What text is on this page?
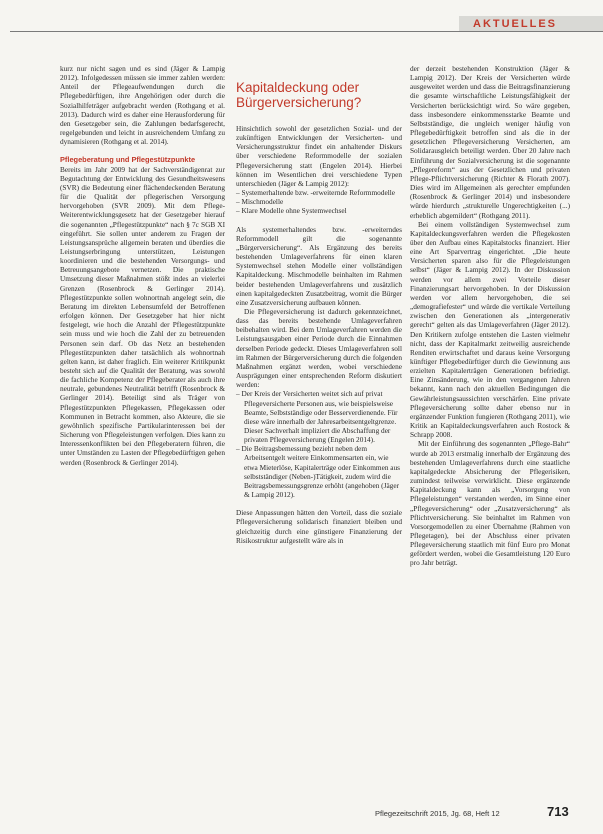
AKTUELLES

kurz nur nicht sagen und es sind (Jäger & Lampig 2012). Infolgedessen müssen sie immer zahlen werden: Anteil der Pflegeaufwendungen durch die Pflegebedürftigen, ihre Angehörigen oder durch die Sozialhilfeträger aufgebracht werden (Rothgang et al. 2013). Dadurch wird es daher eine Herausforderung für den Gesetzgeber sein, die Zahlungen bedarfsgerecht, regelgebunden und leicht in ausreichendem Umfang zu dynamisieren (Rothgang et al. 2014).

Pflegeberatung und Pflegestützpunkte

Bereits im Jahr 2009 hat der Sachverständigenrat zur Begutachtung der Entwicklung des Gesundheitswesens (SVR) die Bedeutung einer flächendeckenden Beratung für die Qualität der pflegerischen Versorgung hervorgehoben (SVR 2009). Mit dem Pflege-Weiterentwicklungsgesetz hat der Gesetzgeber hierauf die sogenannten „Pflegestützpunkte“ nach § 7c SGB XI eingeführt. Sie sollen unter anderem zu Fragen der Leistungsansprüche allgemein beraten und überdies die Leistungserbringung unterstützen, Leistungen koordinieren und die bestehenden Versorgungs- und Betreuungsangebote vernetzen. Die praktische Umsetzung dieser Maßnahmen stößt indes an vielerlei Grenzen (Rosenbrock & Gerlinger 2014). Pflegestützpunkte sollen wohnortnah angelegt sein, die Beratung im direkten Lebensumfeld der Betroffenen erfolgen können. Der Gesetzgeber hat hier nicht festgelegt, wie hoch die Anzahl der Pflegestützpunkte sein muss und wie hoch die Zahl der zu betreuenden Personen sein darf. Ob das Netz an bestehenden Pflegestützpunkten daher tatsächlich als wohnortnah gelten kann, ist daher fraglich. Ein weiterer Kritikpunkt besteht sich auf die Qualität der Beratung, was sowohl die fachliche Kompetenz der Pflegeberater als auch ihre neutrale, gebundenes Neutralität betrifft (Rosenbrock & Gerlinger 2014). Beteiligt sind als Träger von Pflegestützpunkten Pflegekassen, Pflegekassen oder Kommunen in Betracht kommen, also Akteure, die sie gewöhnlich spezifische Partikularinteressen bei der Sicherung von Pflegeleistungen verfolgen. Dies kann zu Interessenkonflikten bei den Pflegeberatern führen, die unter Umständen zu Lasten der Pflegebedürftigen gehen werden (Rosenbrock & Gerlinger 2014).

Kapitaldeckung oder Bürgerversicherung?

Hinsichtlich sowohl der gesetzlichen Sozial- und der zukünftigen Entwicklungen der Versicherten- und Versicherungsstruktur findet ein anhaltender Diskurs über verschiedene Reformmodelle der sozialen Pflegeversicherung statt (Engelen 2014). Hierbei können im Wesentlichen drei verschiedene Typen unterschieden (Jäger & Lampig 2012):

– Systemerhaltende bzw. -erweiternde Reformmodelle

– Mischmodelle

– Klare Modelle ohne Systemwechsel

Als systemerhaltendes bzw. -erweiterndes Reformmodell gilt die sogenannte „Bürgerversicherung“. Als Ergänzung des bereits bestehenden Umlageverfahrens für einen klaren Systemwechsel stehen Modelle einer vollständigen Kapitaldeckung. Mischmodelle beinhalten im Rahmen beider bestehenden Umlageverfahrens und zusätzlich einen kapitalgedeckten Zusatzbeitrag, womit die Bürger eine Zusatzversicherung aufbauen können.

Die Pflegeversicherung ist dadurch gekennzeichnet, dass das bereits bestehende Umlageverfahren beibehalten wird. Bei dem Umlageverfahren werden die Leistungsausgaben einer Periode durch die Einnahmen derselben Periode gedeckt. Dieses Umlageverfahren soll im Rahmen der Bürgerversicherung durch die folgenden Maßnahmen ergänzt werden, wobei verschiedene Ausprägungen einer entsprechenden Reform diskutiert werden:

– Der Kreis der Versicherten weitet sich auf privat Pflegeversicherte Personen aus, wie beispielsweise Beamte, Selbstständige oder Besserverdienende. Für diese wäre innerhalb der Jahresarbeitsentgeltgrenze. Dieser Sachverhalt impliziert die Abschaffung der privaten Pflegeversicherung (Engelen 2014).

– Die Beitragsbemessung bezieht neben dem Arbeitsentgelt weitere Einkommensarten ein, wie etwa Mieterlöse, Kapitalerträge oder Einkommen aus selbstständiger (Neben-)Tätigkeit, zudem wird die Beitragsbemessungsgrenze erhöht (angehoben (Jäger & Lampig 2012).

Diese Anpassungen hätten den Vorteil, dass die soziale Pflegeversicherung solidarisch finanziert bleiben und gleichzeitig durch eine günstigere Finanzierung der Risikostruktur aufgestellt wäre als in

der derzeit bestehenden Konstruktion (Jäger & Lampig 2012). Der Kreis der Versicherten würde ausgeweitet werden und dass die Beitragsfinanzierung die gesamte wirtschaftliche Leistungsfähigkeit der Versicherten berücksichtigt wird. So wäre gegeben, dass insbesondere einkommensstarke Beamte und Selbstständige, die ungleich weniger häufig von Pflegebedürftigkeit betroffen sind als die in der gesetzlichen Pflegeversicherung Versicherten, am Solidarausgleich beteiligt werden. Über 20 Jahre nach Einführung der Sozialversicherung ist die sogenannte „Pflegereform“ aus der Gesetzlichen und privaten Pflege-Pflichtversicherung (Richter & Florath 2007). Dies wird im Allgemeinen als gerechter empfunden (Rosenbrock & Gerlinger 2014) und insbesondere würde hierdurch „strukturelle Ungerechtigkeiten (...) erheblich abgemildert“ (Rothgang 2011).

Bei einem vollständigen Systemwechsel zum Kapitaldeckungsverfahren werden die Pflegekosten über den Aufbau eines Kapitalstocks finanziert. Hier eine Art Sparvertrag eingerichtet. „Die heute Versicherten sparen also für die Pflegeleistungen selbst“ (Jäger & Lampig 2012). In der Diskussion werden vor allem zwei Vorteile dieser Finanzierungsart hervorgehoben. In der Diskussion werden vor allem hervorgehoben, die sei „demografiefester“ und würde die vertikale Verteilung zwischen den Generationen als „intergenerativ gerecht“ gelten als das Umlageverfahren (Jäger 2012). Den Kritikern zufolge entstehen die Lasten vielmehr nicht, dass der Kapitalmarkt zeitweilig ausreichende Renditen erwirtschaftet und daraus keine Versorgung künftiger Pflegebedürftiger durch die Gewinnung aus erzielten Kapitalerträgen Generationen befriedigt. Eine Zinsänderung, wie in den vergangenen Jahren bekannt, kann nach den aktuellen Bedingungen die Gewährleistungsaussichten verschärfen. Eine private Pflegeversicherung sollte daher ebenso nur in ergänzender Funktion fungieren (Rothgang 2011), wie Kritik an Kapitaldeckungsverfahren auch Rostock & Schrapp 2008.

Mit der Einführung des sogenannten „Pflege-Bahr“ wurde ab 2013 erstmalig innerhalb der Ergänzung des bestehenden Umlageverfahrens durch eine staatliche kapitalgedeckte Absicherung der Pflegerisiken, zumindest teilweise verwirklicht. Diese ergänzende Kapitaldeckung kann als „Vorsorgung von Pflegeleistungen“ verstanden werden, im Sinne einer „Pflegeversicherung“ oder „Zusatzversicherung“ als Pflichtversicherung. Sie beinhaltet im Rahmen von Vorsorgemodellen zu einer Übernahme (Rahmen von Pflegetagen), bei der Abschluss einer privaten Pflegeversicherung staatlich mit fünf Euro pro Monat gefördert werden, wobei die Gesamtleistung 120 Euro pro Jahr beträgt.

Pflegezeitschrift 2015, Jg. 68, Heft 12	713
